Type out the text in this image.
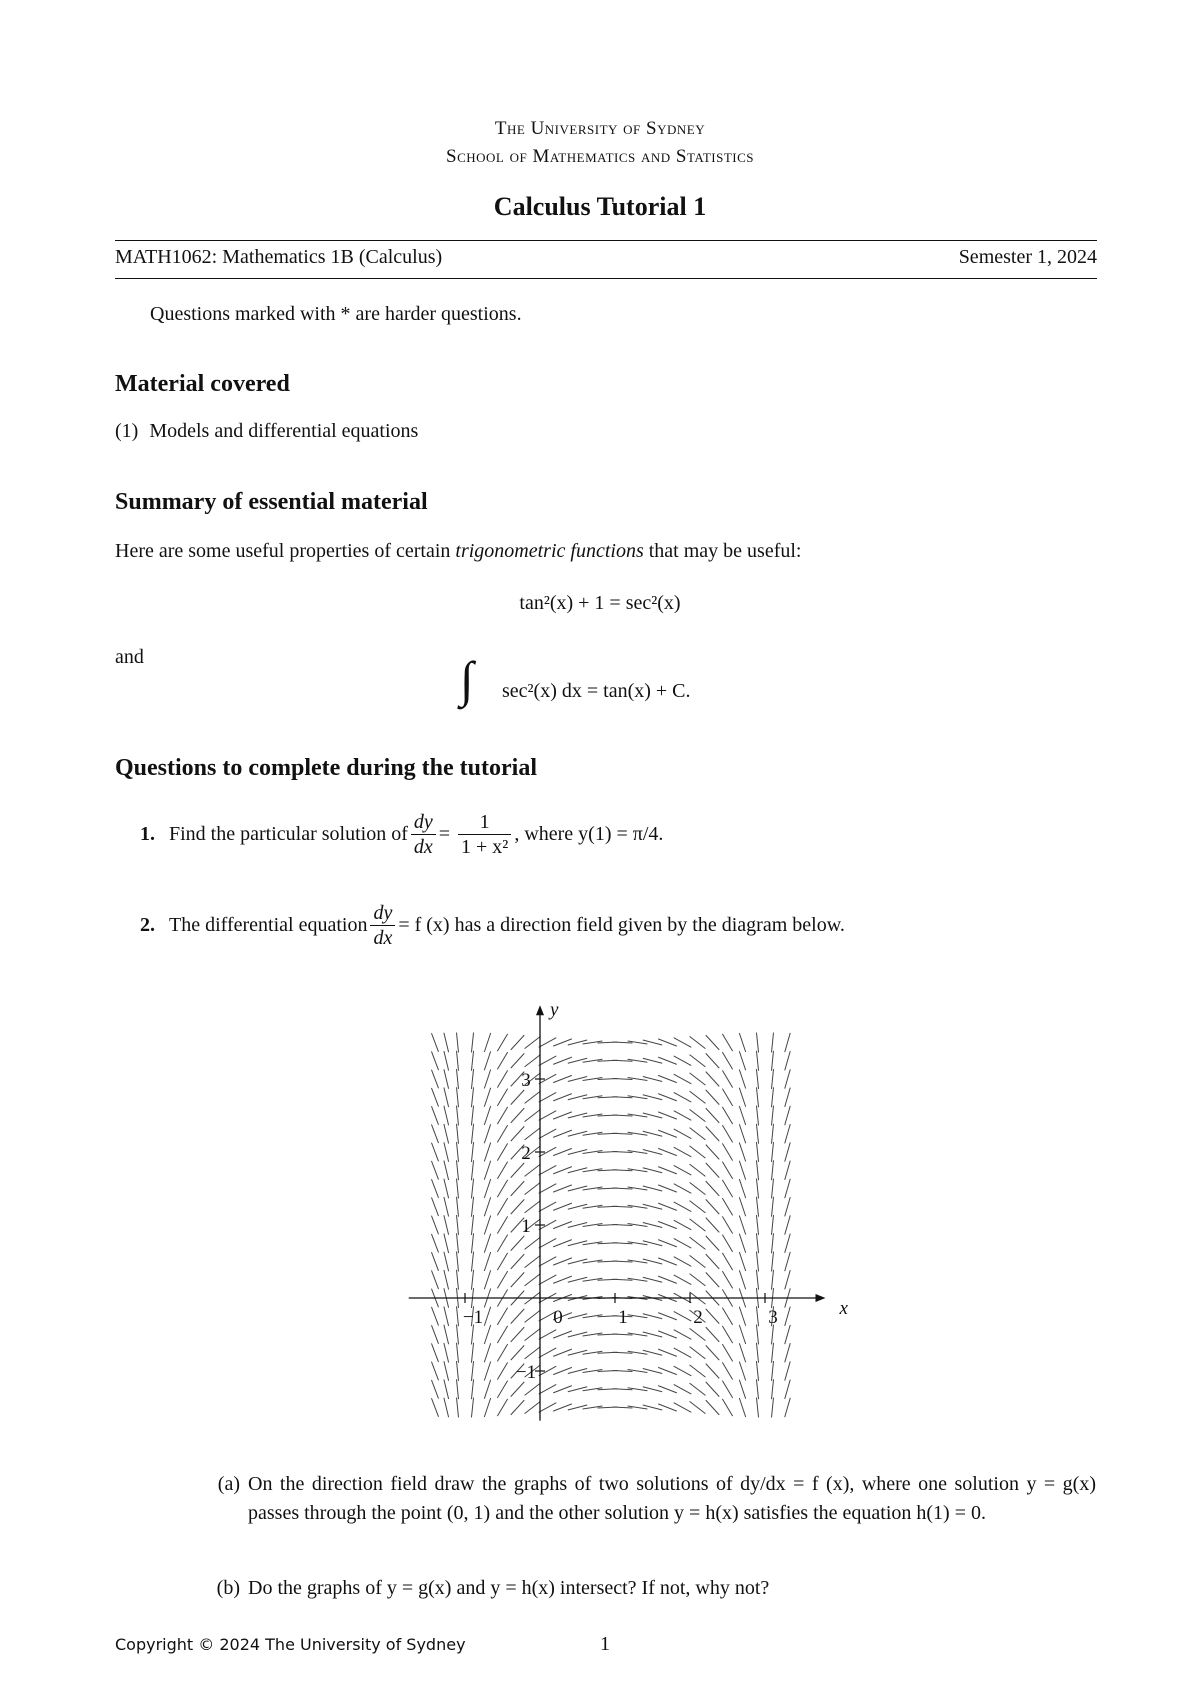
The University of Sydney
School of Mathematics and Statistics
Calculus Tutorial 1
MATH1062: Mathematics 1B (Calculus)	Semester 1, 2024
Questions marked with * are harder questions.
Material covered
(1) Models and differential equations
Summary of essential material
Here are some useful properties of certain trigonometric functions that may be useful:
tan²(x) + 1 = sec²(x)
and	∫ sec²(x) dx = tan(x) + C.
Questions to complete during the tutorial
1. Find the particular solution of $\frac{dy}{dx} = \frac{1}{\text{1 + x²}}$ , where y(1) = π/4.
2. The differential equation $\frac{dy}{dx} = f$ (x) has a direction field given by the diagram below.
−1	0	1	2	3
−1
1
2
3
x
y
(a) On the direction field draw the graphs of two solutions of dy/dx = f (x), where one solution y = g(x) passes through the point (0, 1) and the other solution y = h(x) satisfies the equation h(1) = 0.
(b) Do the graphs of y = g(x) and y = h(x) intersect? If not, why not?
Copyright © 2024 The University of Sydney	1
